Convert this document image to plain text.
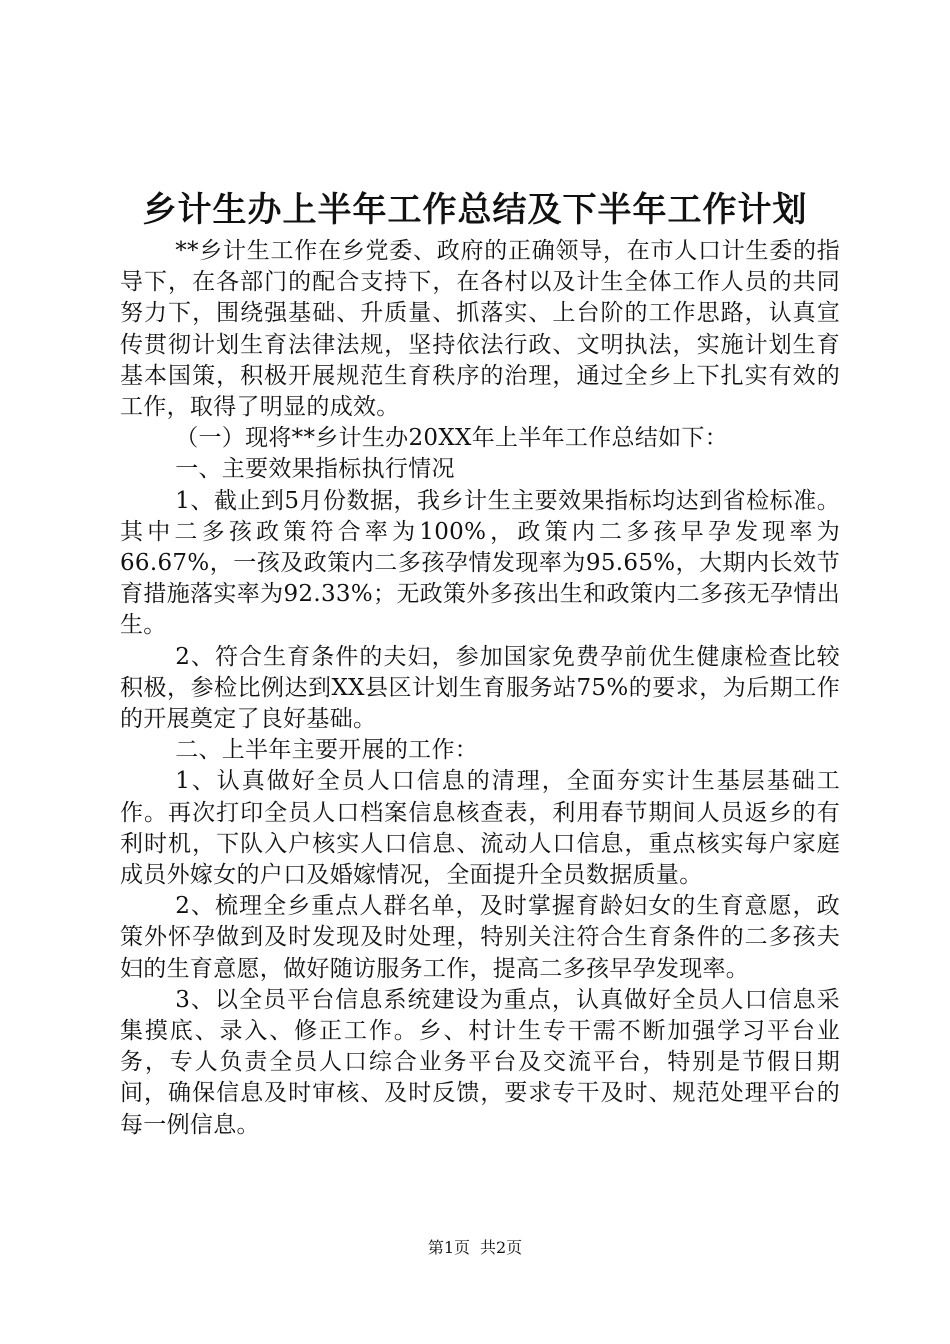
乡计生办上半年工作总结及下半年工作计划

**乡计生工作在乡党委、政府的正确领导，在市人口计生委的指导下，在各部门的配合支持下，在各村以及计生全体工作人员的共同努力下，围绕强基础、升质量、抓落实、上台阶的工作思路，认真宣传贯彻计划生育法律法规，坚持依法行政、文明执法，实施计划生育基本国策，积极开展规范生育秩序的治理，通过全乡上下扎实有效的工作，取得了明显的成效。

（一）现将**乡计生办20XX年上半年工作总结如下：

一、主要效果指标执行情况

1、截止到5月份数据，我乡计生主要效果指标均达到省检标准。其中二多孩政策符合率为100%，政策内二多孩早孕发现率为66.67%，一孩及政策内二多孩孕情发现率为95.65%，大期内长效节育措施落实率为92.33%；无政策外多孩出生和政策内二多孩无孕情出生。

2、符合生育条件的夫妇，参加国家免费孕前优生健康检查比较积极，参检比例达到XX县区计划生育服务站75%的要求，为后期工作的开展奠定了良好基础。

二、上半年主要开展的工作：

1、认真做好全员人口信息的清理，全面夯实计生基层基础工作。再次打印全员人口档案信息核查表，利用春节期间人员返乡的有利时机，下队入户核实人口信息、流动人口信息，重点核实每户家庭成员外嫁女的户口及婚嫁情况，全面提升全员数据质量。

2、梳理全乡重点人群名单，及时掌握育龄妇女的生育意愿，政策外怀孕做到及时发现及时处理，特别关注符合生育条件的二多孩夫妇的生育意愿，做好随访服务工作，提高二多孩早孕发现率。

3、以全员平台信息系统建设为重点，认真做好全员人口信息采集摸底、录入、修正工作。乡、村计生专干需不断加强学习平台业务，专人负责全员人口综合业务平台及交流平台，特别是节假日期间，确保信息及时审核、及时反馈，要求专干及时、规范处理平台的每一例信息。

第1页 共2页
